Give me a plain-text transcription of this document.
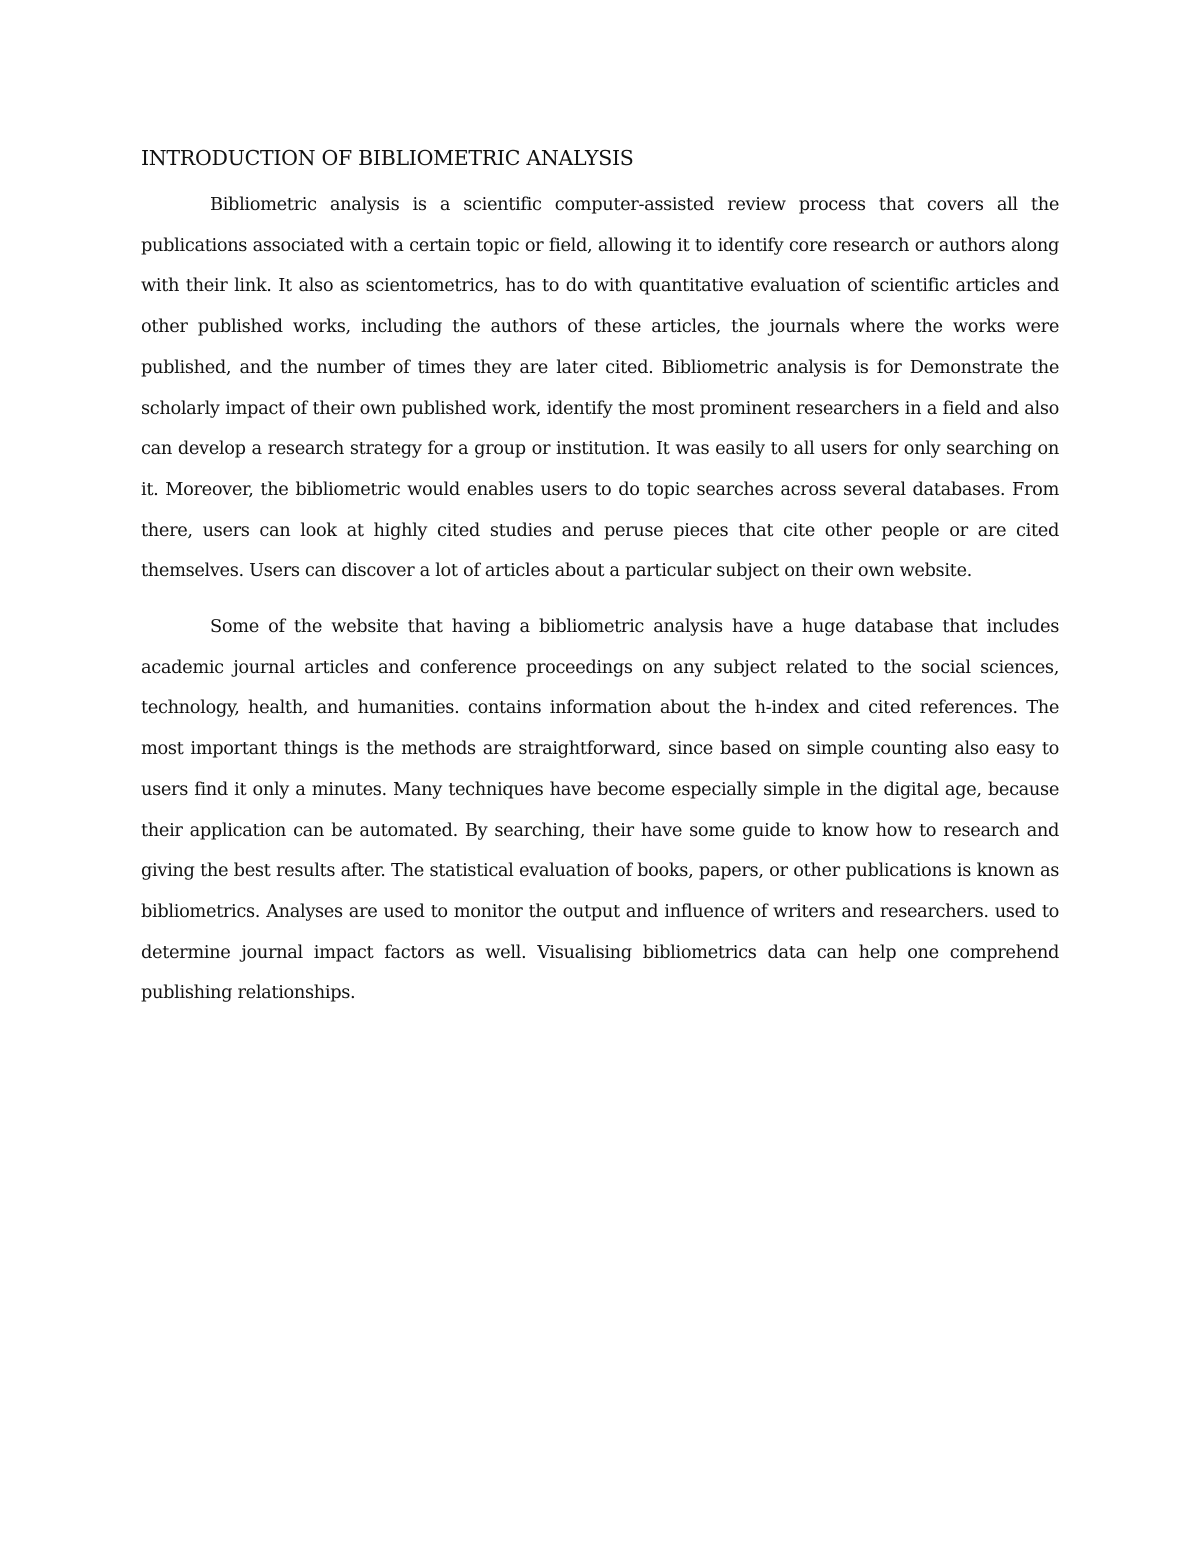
INTRODUCTION OF BIBLIOMETRIC ANALYSIS

Bibliometric analysis is a scientific computer-assisted review process that covers all the publications associated with a certain topic or field, allowing it to identify core research or authors along with their link. It also as scientometrics, has to do with quantitative evaluation of scientific articles and other published works, including the authors of these articles, the journals where the works were published, and the number of times they are later cited. Bibliometric analysis is for Demonstrate the scholarly impact of their own published work, identify the most prominent researchers in a field and also can develop a research strategy for a group or institution. It was easily to all users for only searching on it. Moreover, the bibliometric would enables users to do topic searches across several databases. From there, users can look at highly cited studies and peruse pieces that cite other people or are cited themselves. Users can discover a lot of articles about a particular subject on their own website.

Some of the website that having a bibliometric analysis have a huge database that includes academic journal articles and conference proceedings on any subject related to the social sciences, technology, health, and humanities. contains information about the h-index and cited references. The most important things is the methods are straightforward, since based on simple counting also easy to users find it only a minutes. Many techniques have become especially simple in the digital age, because their application can be automated. By searching, their have some guide to know how to research and giving the best results after. The statistical evaluation of books, papers, or other publications is known as bibliometrics. Analyses are used to monitor the output and influence of writers and researchers. used to determine journal impact factors as well. Visualising bibliometrics data can help one comprehend publishing relationships.
